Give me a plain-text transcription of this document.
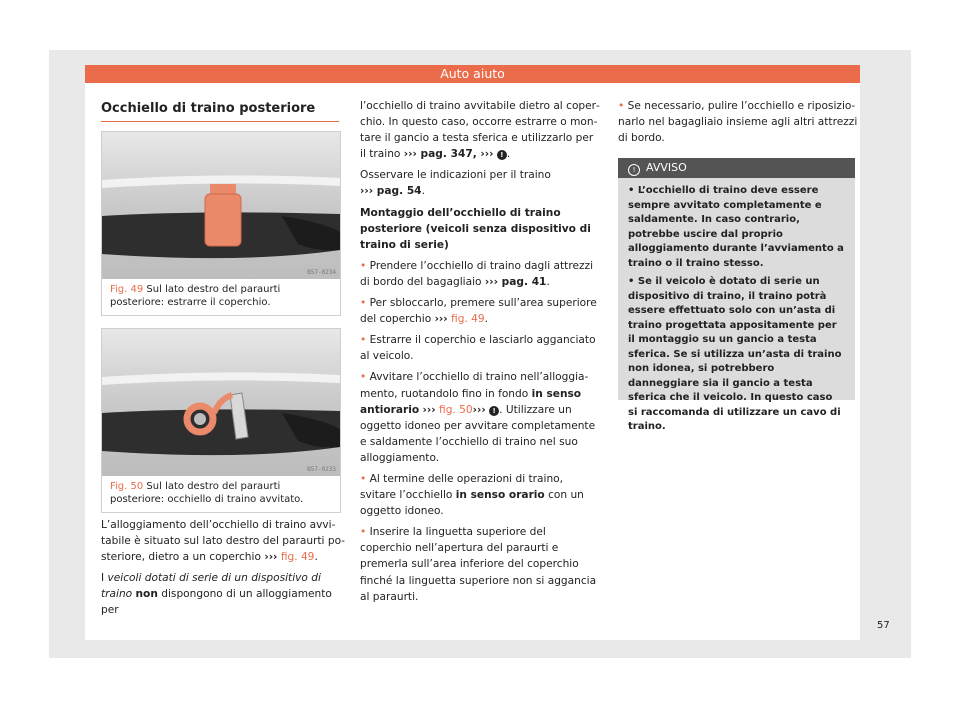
Auto aiuto
Occhiello di traino posteriore
B57-0234
Fig. 49 Sul lato destro del paraurti posteriore: estrarre il coperchio.
B57-0233
Fig. 50 Sul lato destro del paraurti posteriore: occhiello di traino avvitato.

L’alloggiamento dell’occhiello di traino avvitabile è situato sul lato destro del paraurti posteriore, dietro a un coperchio ››› fig. 49.

I veicoli dotati di serie di un dispositivo di traino non dispongono di un alloggiamento per

l’occhiello di traino avvitabile dietro al coperchio. In questo caso, occorre estrarre o montare il gancio a testa sferica e utilizzarlo per il traino ››› pag. 347, ››› ! .

Osservare le indicazioni per il traino
››› pag. 54.

Montaggio dell’occhiello di traino posteriore (veicoli senza dispositivo di traino di serie)

• Prendere l’occhiello di traino dagli attrezzi di bordo del bagagliaio ››› pag. 41.

• Per sbloccarlo, premere sull’area superiore del coperchio ››› fig. 49.

• Estrarre il coperchio e lasciarlo agganciato al veicolo.

• Avvitare l’occhiello di traino nell’alloggiamento, ruotandolo fino in fondo in senso antiorario ››› fig. 50››› ! . Utilizzare un oggetto idoneo per avvitare completamente e saldamente l’occhiello di traino nel suo alloggiamento.

• Al termine delle operazioni di traino, svitare l’occhiello in senso orario con un oggetto idoneo.

• Inserire la linguetta superiore del coperchio nell’apertura del paraurti e premerla sull’area inferiore del coperchio finché la linguetta superiore non si aggancia al paraurti.

• Se necessario, pulire l’occhiello e riposizionarlo nel bagagliaio insieme agli altri attrezzi di bordo.

! AVVISO

• L’occhiello di traino deve essere sempre avvitato completamente e saldamente. In caso contrario, potrebbe uscire dal proprio alloggiamento durante l’avviamento a traino o il traino stesso.

• Se il veicolo è dotato di serie un dispositivo di traino, il traino potrà essere effettuato solo con un’asta di traino progettata appositamente per il montaggio su un gancio a testa sferica. Se si utilizza un’asta di traino non idonea, si potrebbero danneggiare sia il gancio a testa sferica che il veicolo. In questo caso si raccomanda di utilizzare un cavo di traino.

57
